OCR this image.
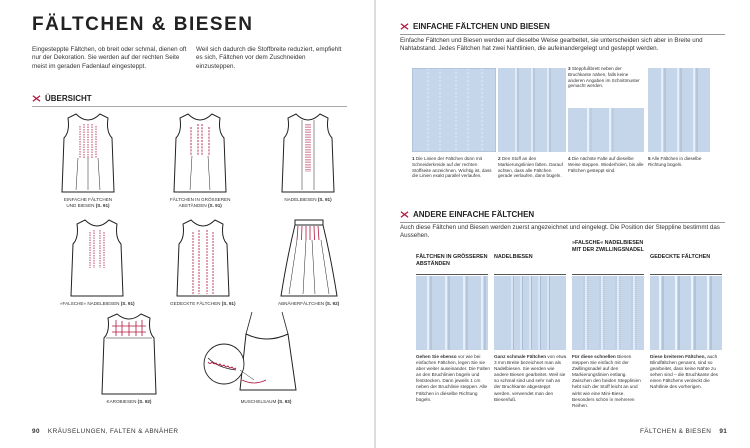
FÄLTCHEN & BIESEN

Eingesteppte Fältchen, ob breit oder schmal, dienen oft nur der Dekoration. Sie werden auf der rechten Seite meist im geraden Fadenlauf eingesteppt.

Weil sich dadurch die Stoffbreite reduziert, empfiehlt es sich, Fältchen vor dem Zuschneiden einzusteppen.

ÜBERSICHT
EINFACHE FÄLTCHEN
UND BIESEN (S. 91)
FÄLTCHEN IN GRÖSSEREN
ABSTÄNDEN (S. 91)
NADELBIESEN (S. 91)
»FALSCHE« NADELBIESEN (S. 91)	GEDECKTE FÄLTCHEN (S. 91)	ABNÄHERFÄLTCHEN (S. 92)
KAROBIESEN (S. 92)	MUSCHELSAUM (S. 93)
90 KRÄUSELUNGEN, FALTEN & ABNÄHER
EINFACHE FÄLTCHEN UND BIESEN

Einfache Fältchen und Biesen werden auf dieselbe Weise gearbeitet, sie unterscheiden sich aber in Breite und Nahtabstand. Jedes Fältchen hat zwei Nahtlinien, die aufeinandergelegt und gesteppt werden.

1 Die Linien der Fältchen dünn mit Schneiderkreide auf der rechten Stoffseite anzeichnen. Wichtig ist, dass die Linien exakt parallel verlaufen.
2 Den Stoff an den Markierungslinien falten. Darauf achten, dass alle Fältchen gerade verlaufen, dann bügeln.
3 Steppfußbrett neben der Bruchkante nähen, falls keine anderen Angaben im Schnittmuster gemacht werden.
4 Die nächste Falte auf dieselbe Weise steppen. Wiederholen, bis alle Fältchen gesteppt sind.
5 Alle Fältchen in dieselbe Richtung bügeln.
ANDERE EINFACHE FÄLTCHEN

Auch diese Fältchen und Biesen werden zuerst angezeichnet und eingelegt. Die Position der Steppline bestimmt das Aussehen.

FÄLTCHEN IN GRÖSSEREN ABSTÄNDEN
Gehen Sie ebenso vor wie bei einfachen Fältchen, legen Sie sie aber weiter auseinander. Die Falten an den Bruchlinien bügeln und feststecken. Dann jeweils 1 cm neben der Bruchlinie steppen. Alle Fältchen in dieselbe Richtung bügeln.
NADELBIESEN
Ganz schmale Fältchen von etwa 3 mm Breite bezeichnet man als Nadelbiesen. Sie werden wie andere Biesen gearbeitet. Weil sie so schmal sind und sehr nah an der Bruchkante abgesteppt werden, verwendet man den Biesenfuß.
»FALSCHE« NADELBIESEN MIT DER ZWILLINGSNADEL
Für diese schnellen Biesen steppen Sie einfach mit der Zwillingsnadel auf den Markierungslinien entlang. Zwischen den beiden Stepplinien hebt sich der Stoff leicht an und wirkt wie eine Mini-Biese. Besonders schön in mehreren Reihen.
GEDECKTE FÄLTCHEN
Diese breiteren Fältchen, auch Blindfältchen genannt, sind so gearbeitet, dass keine Nähte zu sehen sind – die Bruchkante des einen Fältchens verdeckt die Nahtlinie des vorherigen.
FÄLTCHEN & BIESEN 91
